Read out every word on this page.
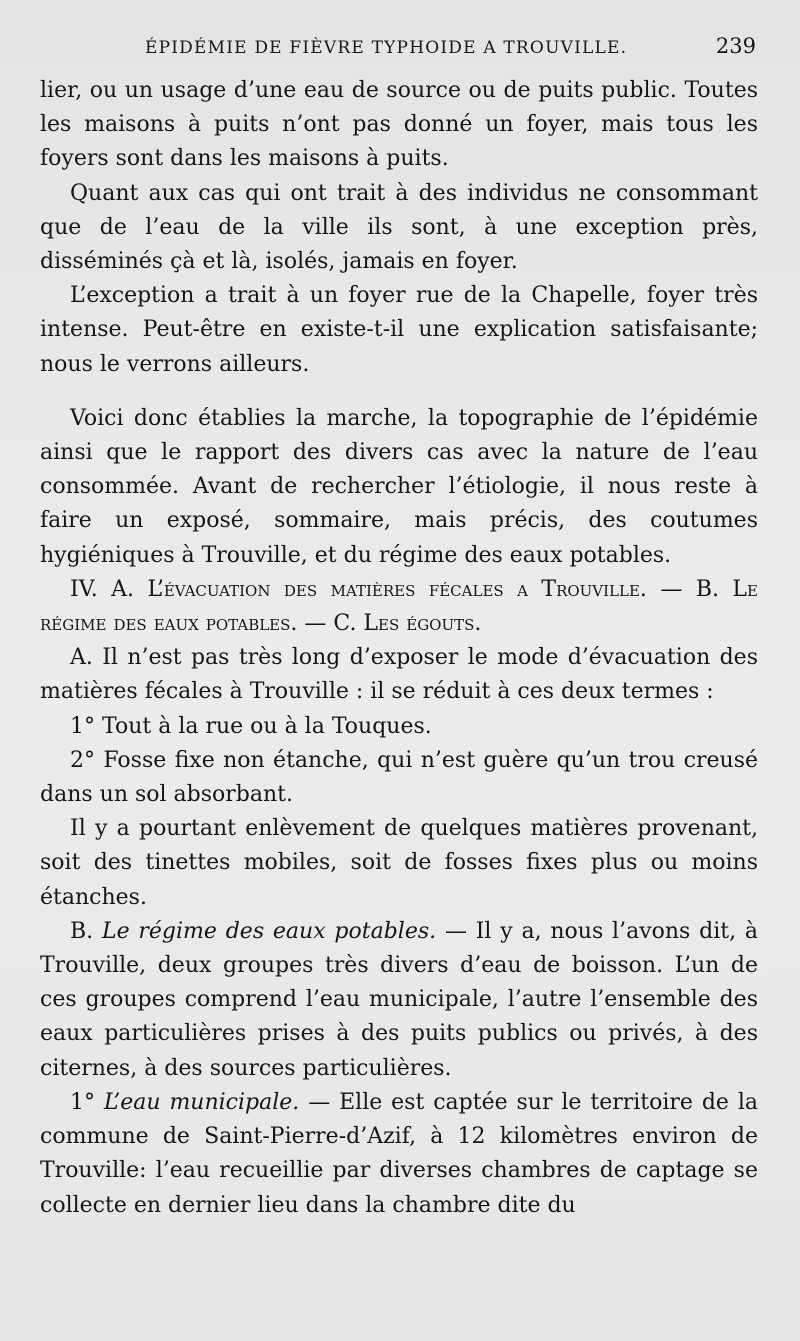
ÉPIDÉMIE DE FIÈVRE TYPHOIDE A TROUVILLE.	239

lier, ou un usage d’une eau de source ou de puits public. Toutes les maisons à puits n’ont pas donné un foyer, mais tous les foyers sont dans les maisons à puits.

Quant aux cas qui ont trait à des individus ne consommant que de l’eau de la ville ils sont, à une exception près, disséminés çà et là, isolés, jamais en foyer.

L’exception a trait à un foyer rue de la Chapelle, foyer très intense. Peut-être en existe-t-il une explication satisfaisante; nous le verrons ailleurs.

Voici donc établies la marche, la topographie de l’épidémie ainsi que le rapport des divers cas avec la nature de l’eau consommée. Avant de rechercher l’étiologie, il nous reste à faire un exposé, sommaire, mais précis, des coutumes hygiéniques à Trouville, et du régime des eaux potables.

IV. A. L’évacuation des matières fécales a Trouville. — B. Le régime des eaux potables. — C. Les égouts.

A. Il n’est pas très long d’exposer le mode d’évacuation des matières fécales à Trouville : il se réduit à ces deux termes :

1° Tout à la rue ou à la Touques.

2° Fosse fixe non étanche, qui n’est guère qu’un trou creusé dans un sol absorbant.

Il y a pourtant enlèvement de quelques matières provenant, soit des tinettes mobiles, soit de fosses fixes plus ou moins étanches.

B. Le régime des eaux potables. — Il y a, nous l’avons dit, à Trouville, deux groupes très divers d’eau de boisson. L’un de ces groupes comprend l’eau municipale, l’autre l’ensemble des eaux particulières prises à des puits publics ou privés, à des citernes, à des sources particulières.

1° L’eau municipale. — Elle est captée sur le territoire de la commune de Saint-Pierre-d’Azif, à 12 kilomètres environ de Trouville: l’eau recueillie par diverses chambres de captage se collecte en dernier lieu dans la chambre dite du
